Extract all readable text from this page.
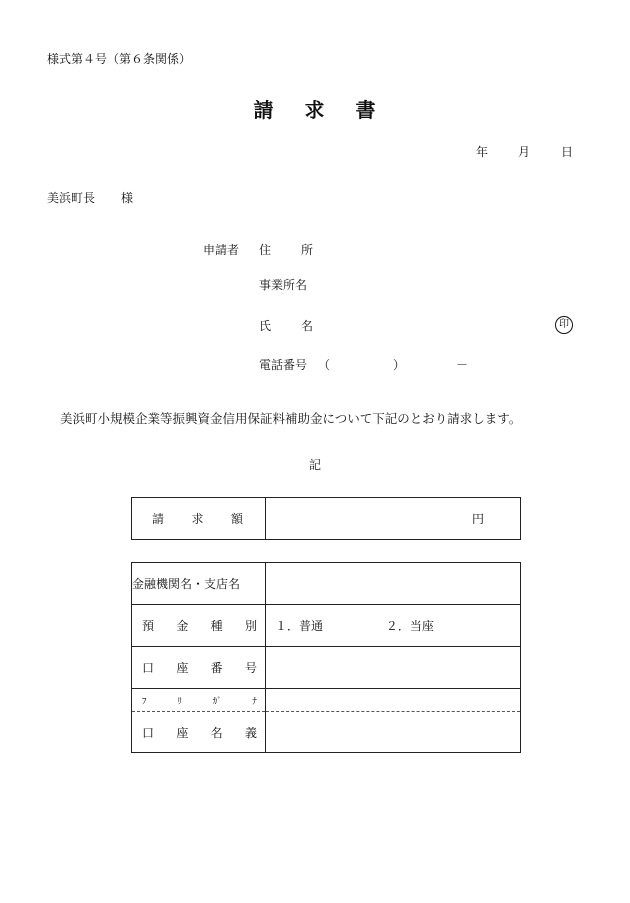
様式第４号（第６条関係）
請 求 書
年 月	日
美浜町長 様
申請者 住	所
事業所名
氏	名	印
電話番号 （	）	－
美浜町小規模企業等振興資金信用保証料補助金について下記のとおり請求します。
記
請 求 額	円
金融機関名・支店名	

預 金 種 別	１．普通 ２．当座

口 座 番 号	

ﾌ ﾘ ｶﾞ ﾅ	

口 座 名 義	
